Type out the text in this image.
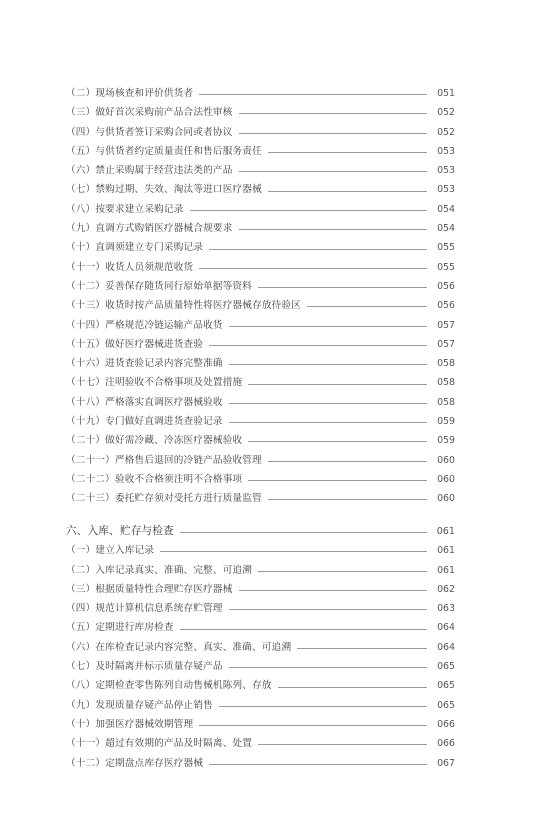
（二）现场核查和评价供货者	051
（三）做好首次采购前产品合法性审核	052
（四）与供货者签订采购合同或者协议	052
（五）与供货者约定质量责任和售后服务责任	053
（六）禁止采购属于经营违法类的产品	053
（七）禁购过期、失效、淘汰等进口医疗器械	053
（八）按要求建立采购记录	054
（九）直调方式购销医疗器械合规要求	054
（十）直调须建立专门采购记录	055
（十一）收货人员须规范收货	055
（十二）妥善保存随货同行原始单据等资料	056
（十三）收货时按产品质量特性将医疗器械存放待验区	056
（十四）严格规范冷链运输产品收货	057
（十五）做好医疗器械进货查验	057
（十六）进货查验记录内容完整准确	058
（十七）注明验收不合格事项及处置措施	058
（十八）严格落实直调医疗器械验收	058
（十九）专门做好直调进货查验记录	059
（二十）做好需冷藏、冷冻医疗器械验收	059
（二十一）严格售后退回的冷链产品验收管理	060
（二十二）验收不合格须注明不合格事项	060
（二十三）委托贮存须对受托方进行质量监管	060
六、入库、贮存与检查	061
（一）建立入库记录	061
（二）入库记录真实、准确、完整、可追溯	061
（三）根据质量特性合理贮存医疗器械	062
（四）规范计算机信息系统存贮管理	063
（五）定期进行库房检查	064
（六）在库检查记录内容完整、真实、准确、可追溯	064
（七）及时隔离并标示质量存疑产品	065
（八）定期检查零售陈列自动售械机陈列、存放	065
（九）发现质量存疑产品停止销售	065
（十）加强医疗器械效期管理	066
（十一）超过有效期的产品及时隔离、处置	066
（十二）定期盘点库存医疗器械	067
